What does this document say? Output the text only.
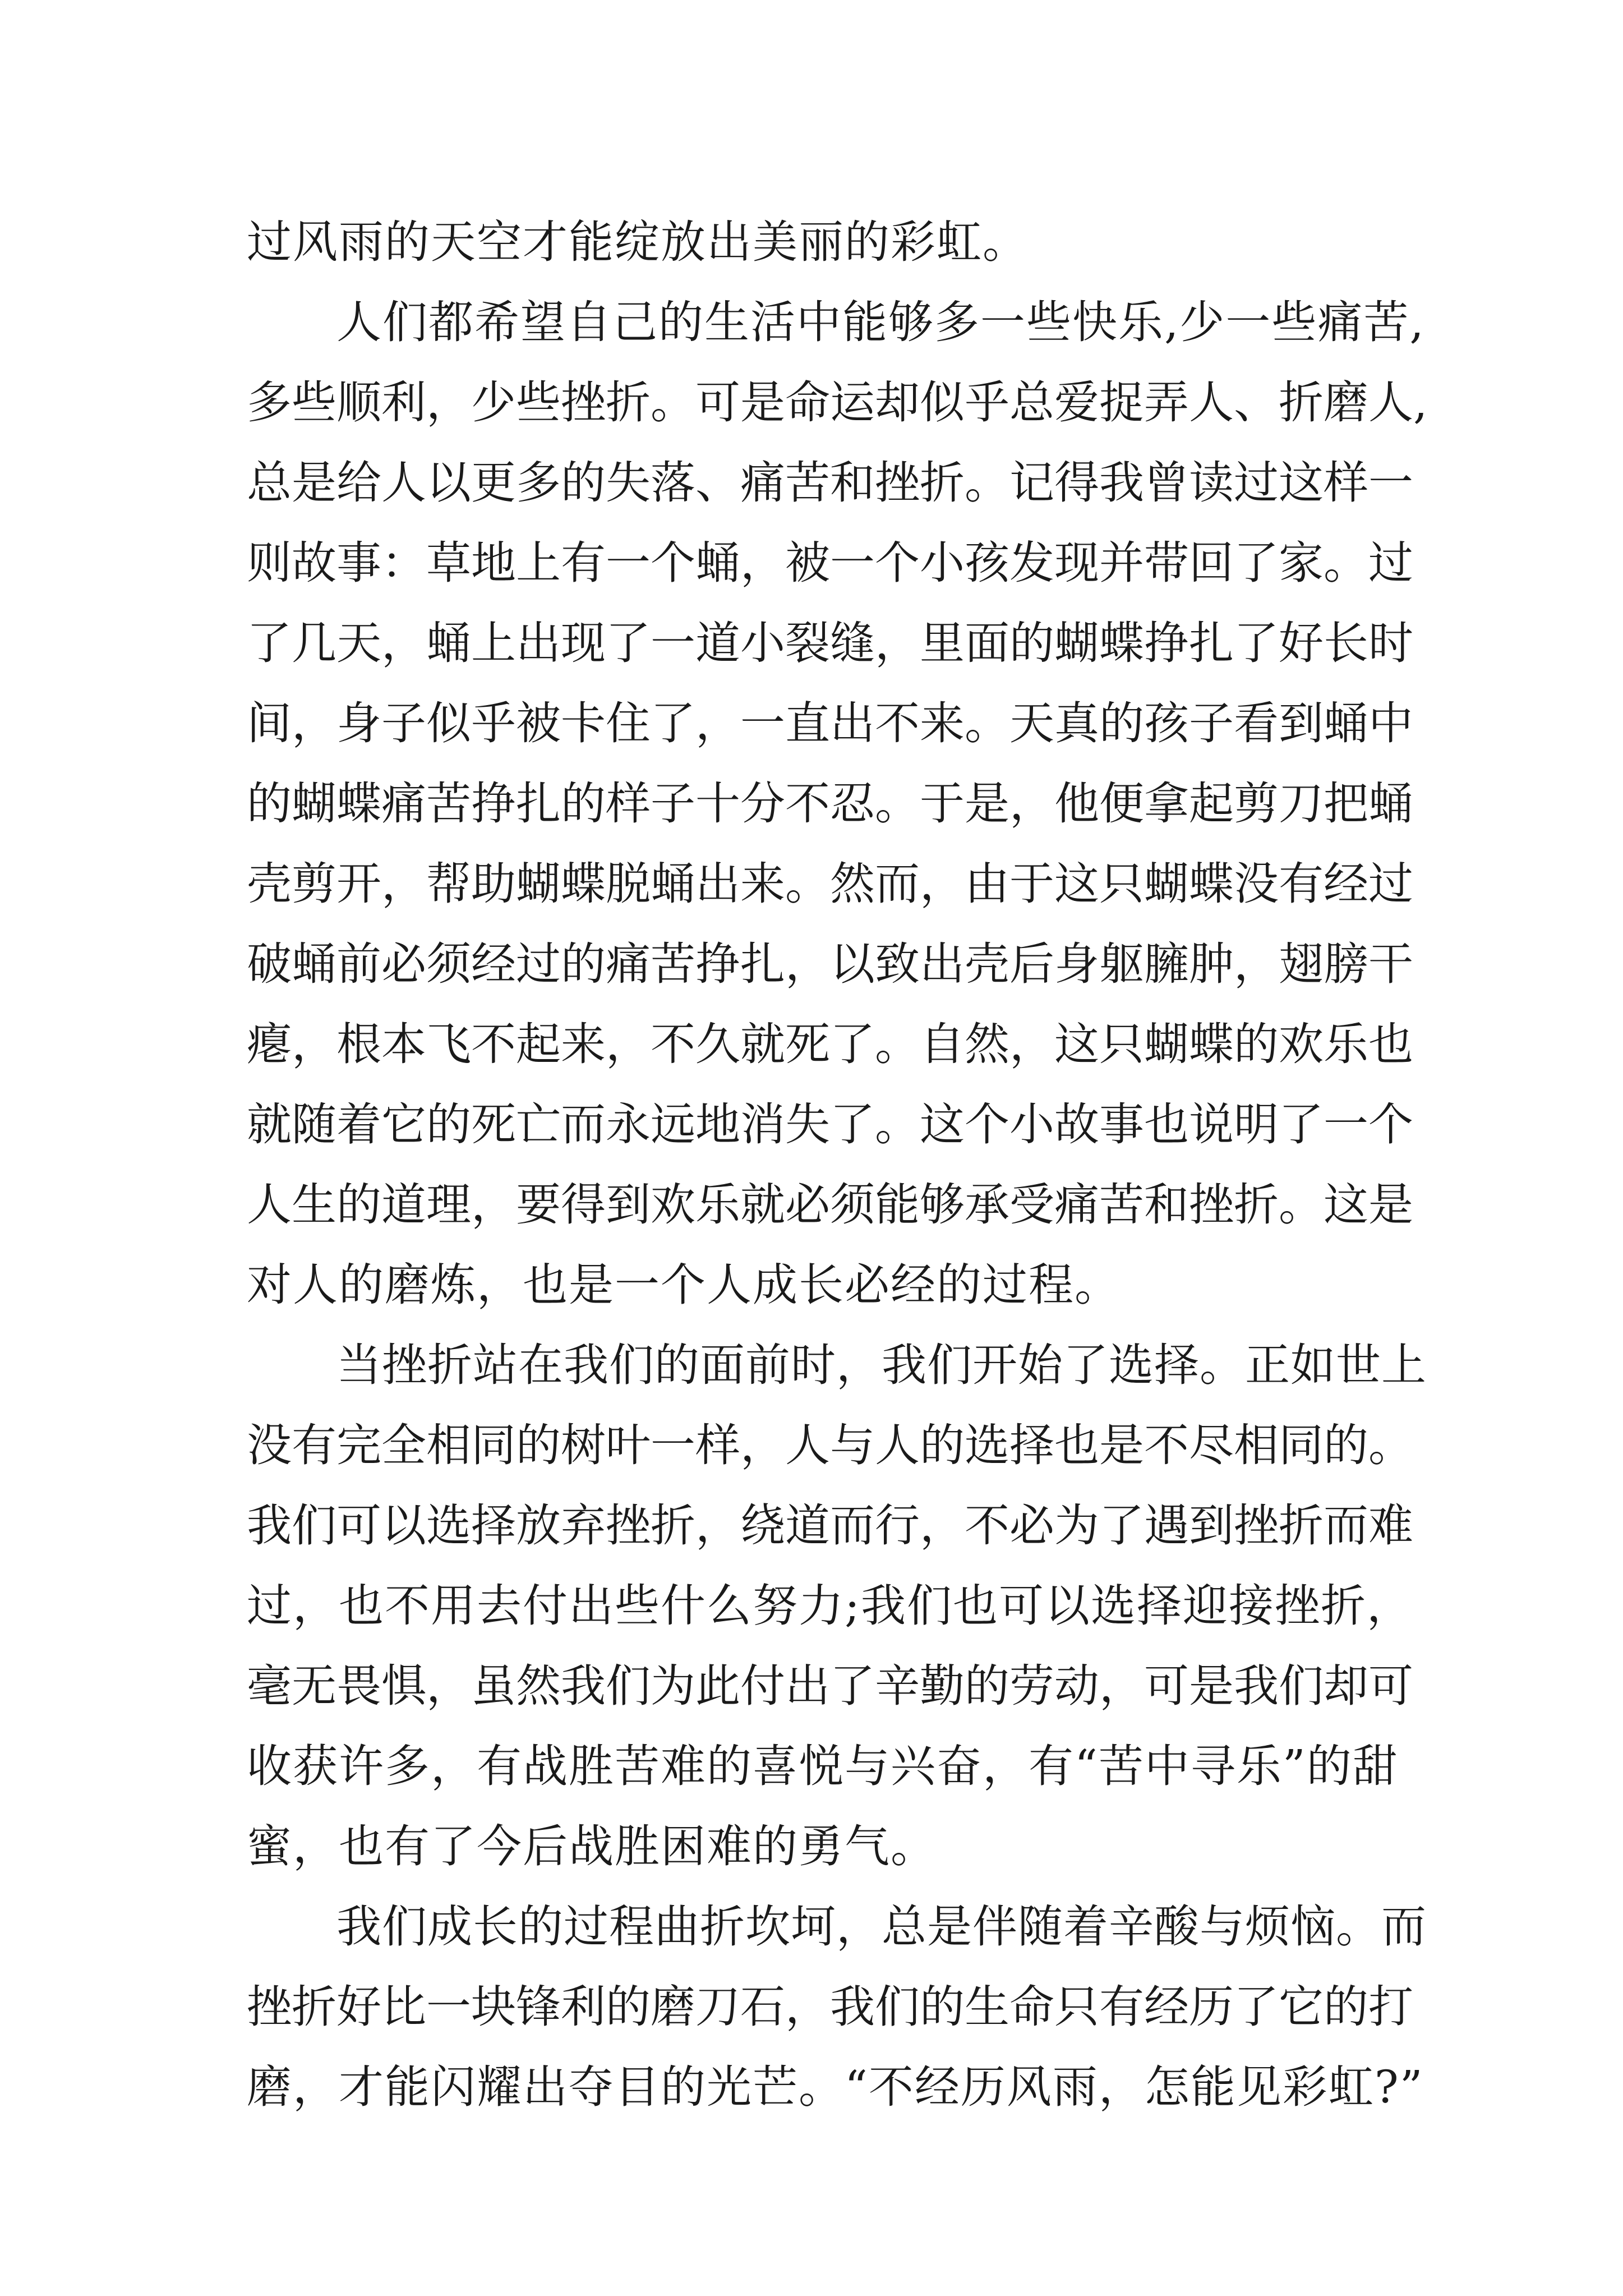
过风雨的天空才能绽放出美丽的彩虹。
人们都希望自己的生活中能够多一些快乐,少一些痛苦,
多些顺利，少些挫折。可是命运却似乎总爱捉弄人、折磨人,
总是给人以更多的失落、痛苦和挫折。记得我曾读过这样一
则故事：草地上有一个蛹，被一个小孩发现并带回了家。过
了几天，蛹上出现了一道小裂缝，里面的蝴蝶挣扎了好长时
间，身子似乎被卡住了，一直出不来。天真的孩子看到蛹中
的蝴蝶痛苦挣扎的样子十分不忍。于是，他便拿起剪刀把蛹
壳剪开，帮助蝴蝶脱蛹出来。然而，由于这只蝴蝶没有经过
破蛹前必须经过的痛苦挣扎，以致出壳后身躯臃肿，翅膀干
瘪，根本飞不起来，不久就死了。自然，这只蝴蝶的欢乐也
就随着它的死亡而永远地消失了。这个小故事也说明了一个
人生的道理，要得到欢乐就必须能够承受痛苦和挫折。这是
对人的磨炼，也是一个人成长必经的过程。
当挫折站在我们的面前时，我们开始了选择。正如世上
没有完全相同的树叶一样，人与人的选择也是不尽相同的。
我们可以选择放弃挫折，绕道而行，不必为了遇到挫折而难
过，也不用去付出些什么努力;我们也可以选择迎接挫折，
毫无畏惧，虽然我们为此付出了辛勤的劳动，可是我们却可
收获许多，有战胜苦难的喜悦与兴奋，有“苦中寻乐”的甜
蜜，也有了今后战胜困难的勇气。
我们成长的过程曲折坎坷，总是伴随着辛酸与烦恼。而
挫折好比一块锋利的磨刀石，我们的生命只有经历了它的打
磨，才能闪耀出夺目的光芒。“不经历风雨，怎能见彩虹?”
